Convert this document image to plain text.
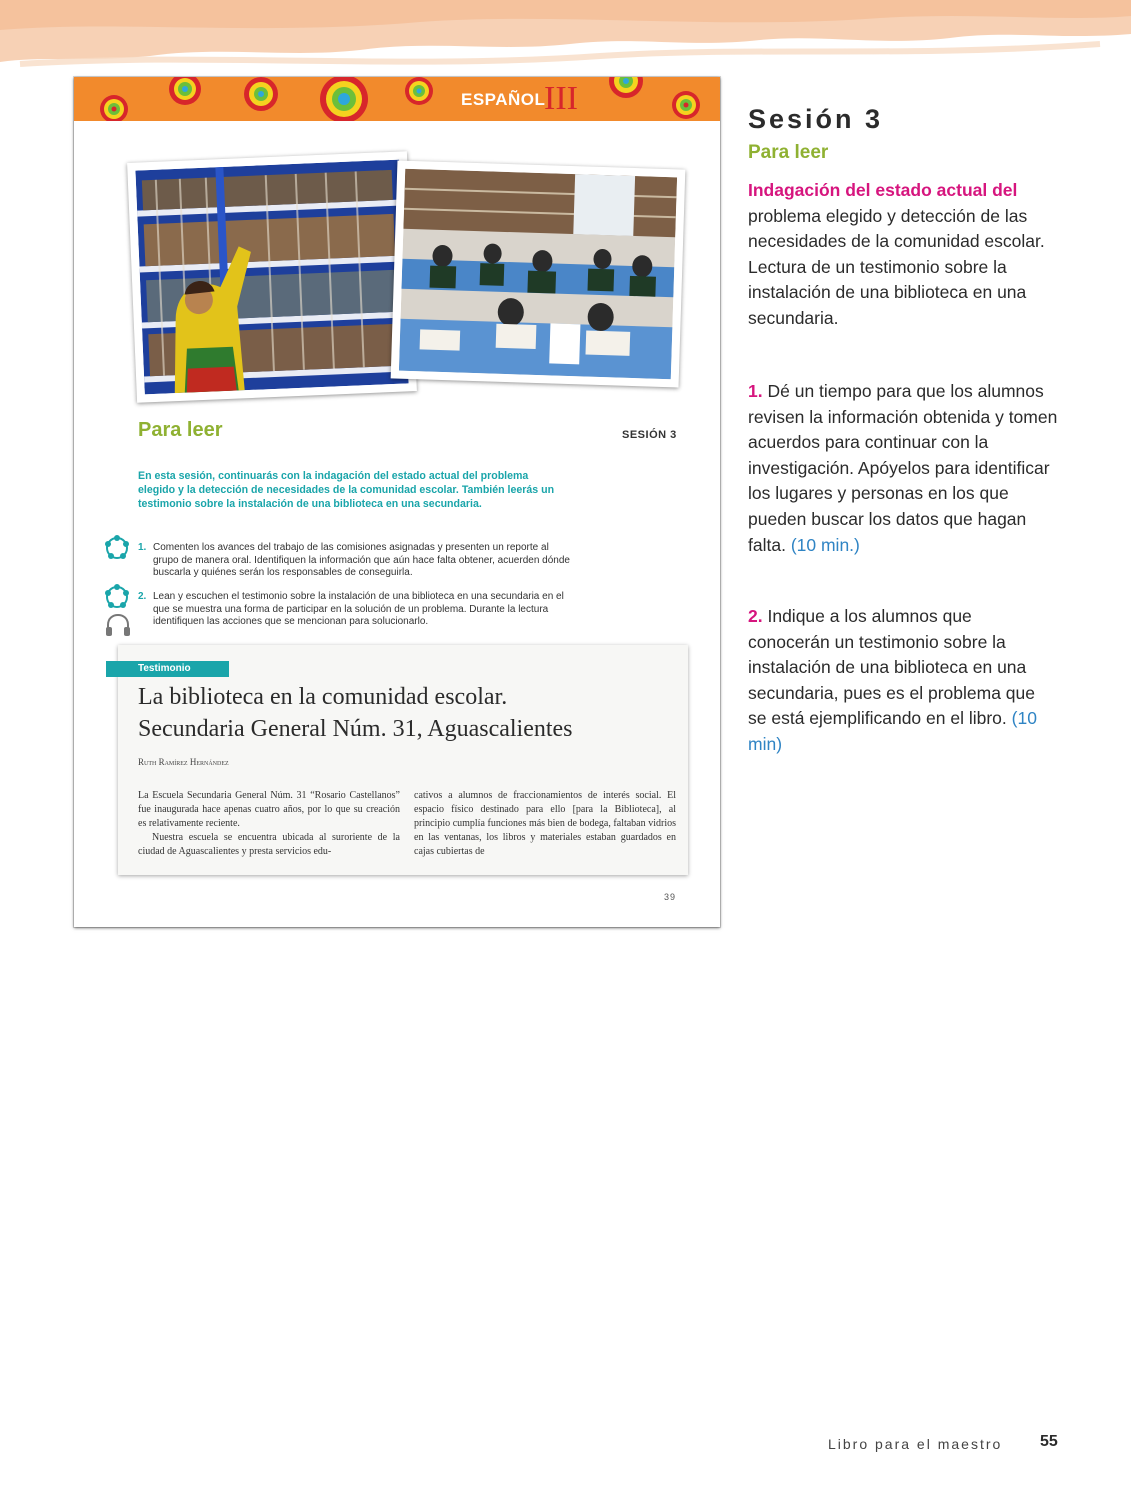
ESPAÑOL
III
Para leer	SESIÓN 3
En esta sesión, continuarás con la indagación del estado actual del problema elegido y la detección de necesidades de la comunidad escolar. También leerás un testimonio sobre la instalación de una biblioteca en una secundaria.
1. Comenten los avances del trabajo de las comisiones asignadas y presenten un reporte al grupo de manera oral. Identifiquen la información que aún hace falta obtener, acuerden dónde buscarla y quiénes serán los responsables de conseguirla.
2. Lean y escuchen el testimonio sobre la instalación de una biblioteca en una secundaria en el que se muestra una forma de participar en la solución de un problema. Durante la lectura identifiquen las acciones que se mencionan para solucionarlo.
Testimonio
La biblioteca en la comunidad escolar.
Secundaria General Núm. 31, Aguascalientes
Ruth Ramírez Hernández

La Escuela Secundaria General Núm. 31 “Rosario Castellanos” fue inaugurada hace apenas cuatro años, por lo que su creación es relativamente reciente.

Nuestra escuela se encuentra ubicada al suroriente de la ciudad de Aguascalientes y presta servicios edu-

cativos a alumnos de fraccionamientos de interés social. El espacio físico destinado para ello [para la Biblioteca], al principio cumplía funciones más bien de bodega, faltaban vidrios en las ventanas, los libros y materiales estaban guardados en cajas cubiertas de

39
Sesión 3
Para leer
Indagación del estado actual del problema elegido y detección de las necesidades de la comunidad escolar. Lectura de un testimonio sobre la instalación de una biblioteca en una secundaria.
1. Dé un tiempo para que los alumnos revisen la información obtenida y tomen acuerdos para continuar con la investigación. Apóyelos para identificar los lugares y personas en los que pueden buscar los datos que hagan falta. (10 min.)
2. Indique a los alumnos que conocerán un testimonio sobre la instalación de una biblioteca en una secundaria, pues es el problema que se está ejemplificando en el libro. (10 min)
Libro para el maestro 55
